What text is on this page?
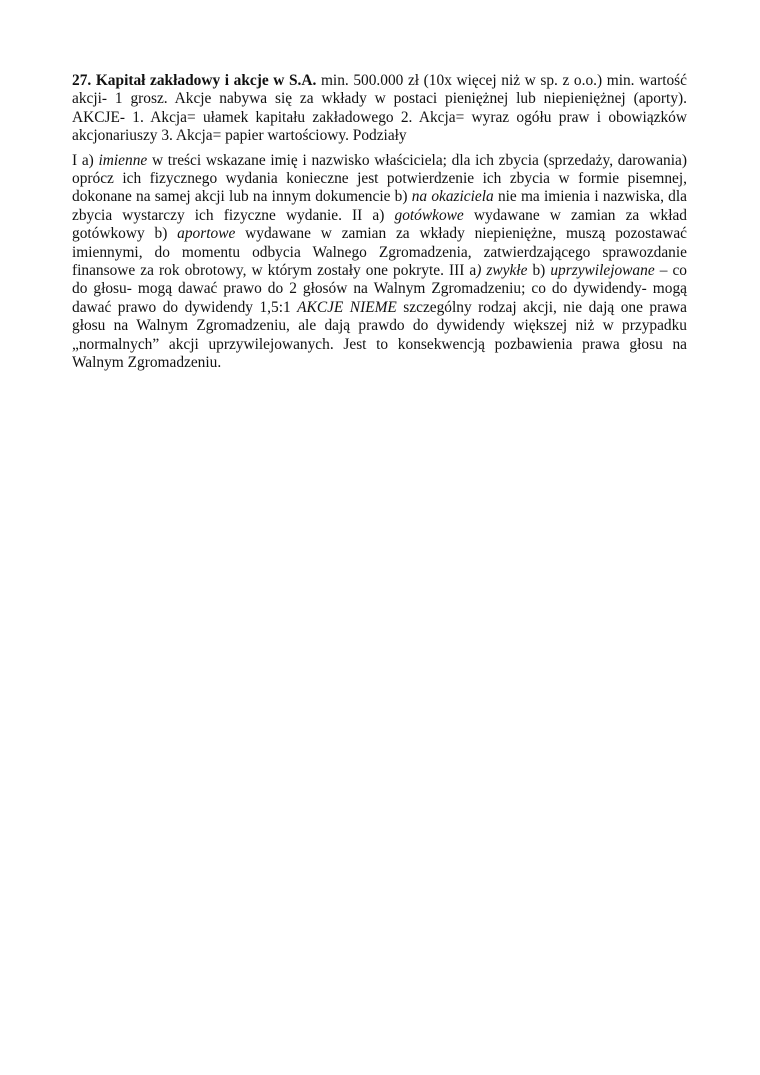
27. Kapitał zakładowy i akcje w S.A. min. 500.000 zł (10x więcej niż w sp. z o.o.) min. wartość akcji- 1 grosz. Akcje nabywa się za wkłady w postaci pieniężnej lub niepieniężnej (aporty). AKCJE- 1. Akcja= ułamek kapitału zakładowego 2. Akcja= wyraz ogółu praw i obowiązków akcjonariuszy 3. Akcja= papier wartościowy. Podziały

I a) imienne w treści wskazane imię i nazwisko właściciela; dla ich zbycia (sprzedaży, darowania) oprócz ich fizycznego wydania konieczne jest potwierdzenie ich zbycia w formie pisemnej, dokonane na samej akcji lub na innym dokumencie b) na okaziciela nie ma imienia i nazwiska, dla zbycia wystarczy ich fizyczne wydanie. II a) gotówkowe wydawane w zamian za wkład gotówkowy b) aportowe wydawane w zamian za wkłady niepieniężne, muszą pozostawać imiennymi, do momentu odbycia Walnego Zgromadzenia, zatwierdzającego sprawozdanie finansowe za rok obrotowy, w którym zostały one pokryte. III a) zwykłe b) uprzywilejowane – co do głosu- mogą dawać prawo do 2 głosów na Walnym Zgromadzeniu; co do dywidendy- mogą dawać prawo do dywidendy 1,5:1 AKCJE NIEME szczególny rodzaj akcji, nie dają one prawa głosu na Walnym Zgromadzeniu, ale dają prawdo do dywidendy większej niż w przypadku „normalnych” akcji uprzywilejowanych. Jest to konsekwencją pozbawienia prawa głosu na Walnym Zgromadzeniu.
